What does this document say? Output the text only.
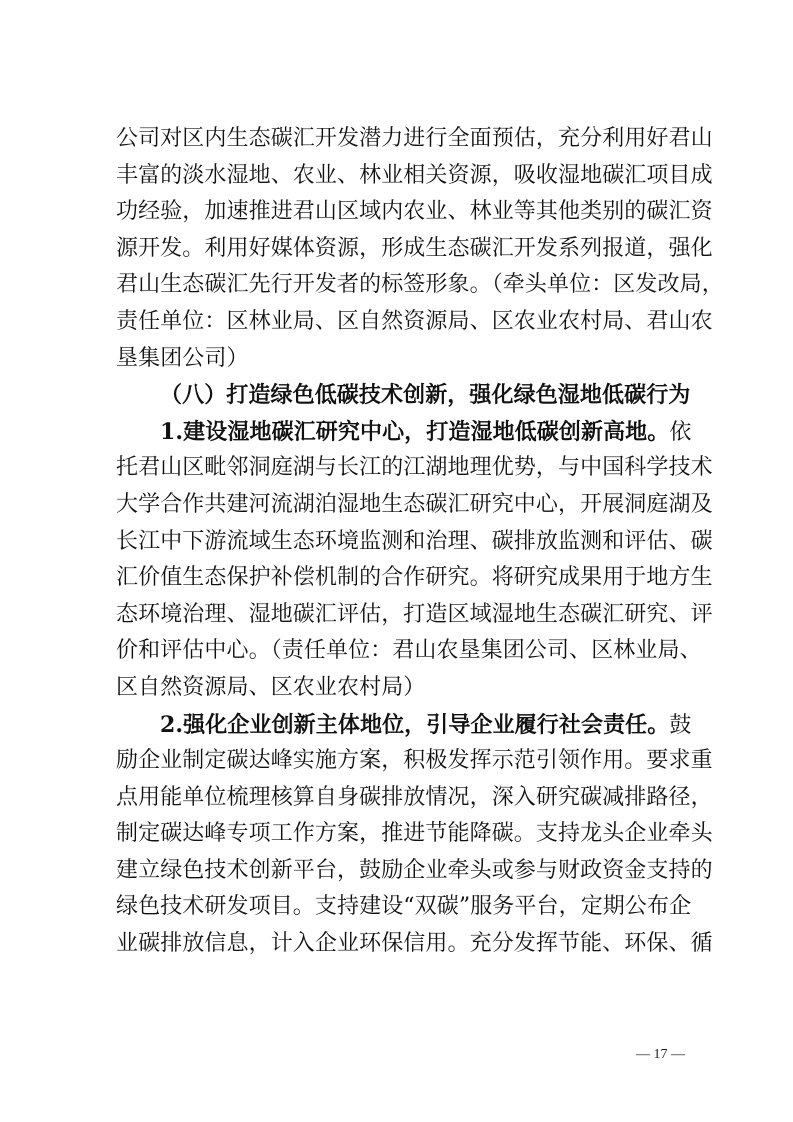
公司对区内生态碳汇开发潜力进行全面预估，充分利用好君山
丰富的淡水湿地、农业、林业相关资源，吸收湿地碳汇项目成
功经验，加速推进君山区域内农业、林业等其他类别的碳汇资
源开发。利用好媒体资源，形成生态碳汇开发系列报道，强化
君山生态碳汇先行开发者的标签形象。（牵头单位：区发改局，
责任单位：区林业局、区自然资源局、区农业农村局、君山农
垦集团公司）
（八）打造绿色低碳技术创新，强化绿色湿地低碳行为
1.建设湿地碳汇研究中心，打造湿地低碳创新高地。依
托君山区毗邻洞庭湖与长江的江湖地理优势，与中国科学技术
大学合作共建河流湖泊湿地生态碳汇研究中心，开展洞庭湖及
长江中下游流域生态环境监测和治理、碳排放监测和评估、碳
汇价值生态保护补偿机制的合作研究。将研究成果用于地方生
态环境治理、湿地碳汇评估，打造区域湿地生态碳汇研究、评
价和评估中心。（责任单位：君山农垦集团公司、区林业局、
区自然资源局、区农业农村局）
2.强化企业创新主体地位，引导企业履行社会责任。鼓
励企业制定碳达峰实施方案，积极发挥示范引领作用。要求重
点用能单位梳理核算自身碳排放情况，深入研究碳减排路径，
制定碳达峰专项工作方案，推进节能降碳。支持龙头企业牵头
建立绿色技术创新平台，鼓励企业牵头或参与财政资金支持的
绿色技术研发项目。支持建设“双碳”服务平台，定期公布企
业碳排放信息，计入企业环保信用。充分发挥节能、环保、循
— 17 —
